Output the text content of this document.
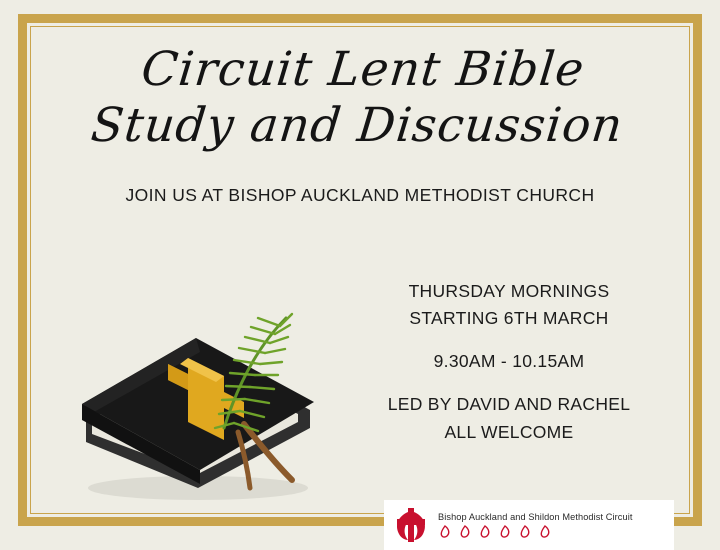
Circuit Lent Bible
Study and Discussion
JOIN US AT BISHOP AUCKLAND METHODIST CHURCH
THURSDAY MORNINGS
STARTING 6TH MARCH
9.30AM - 10.15AM
LED BY DAVID AND RACHEL
ALL WELCOME
Bishop Auckland and Shildon Methodist Circuit
